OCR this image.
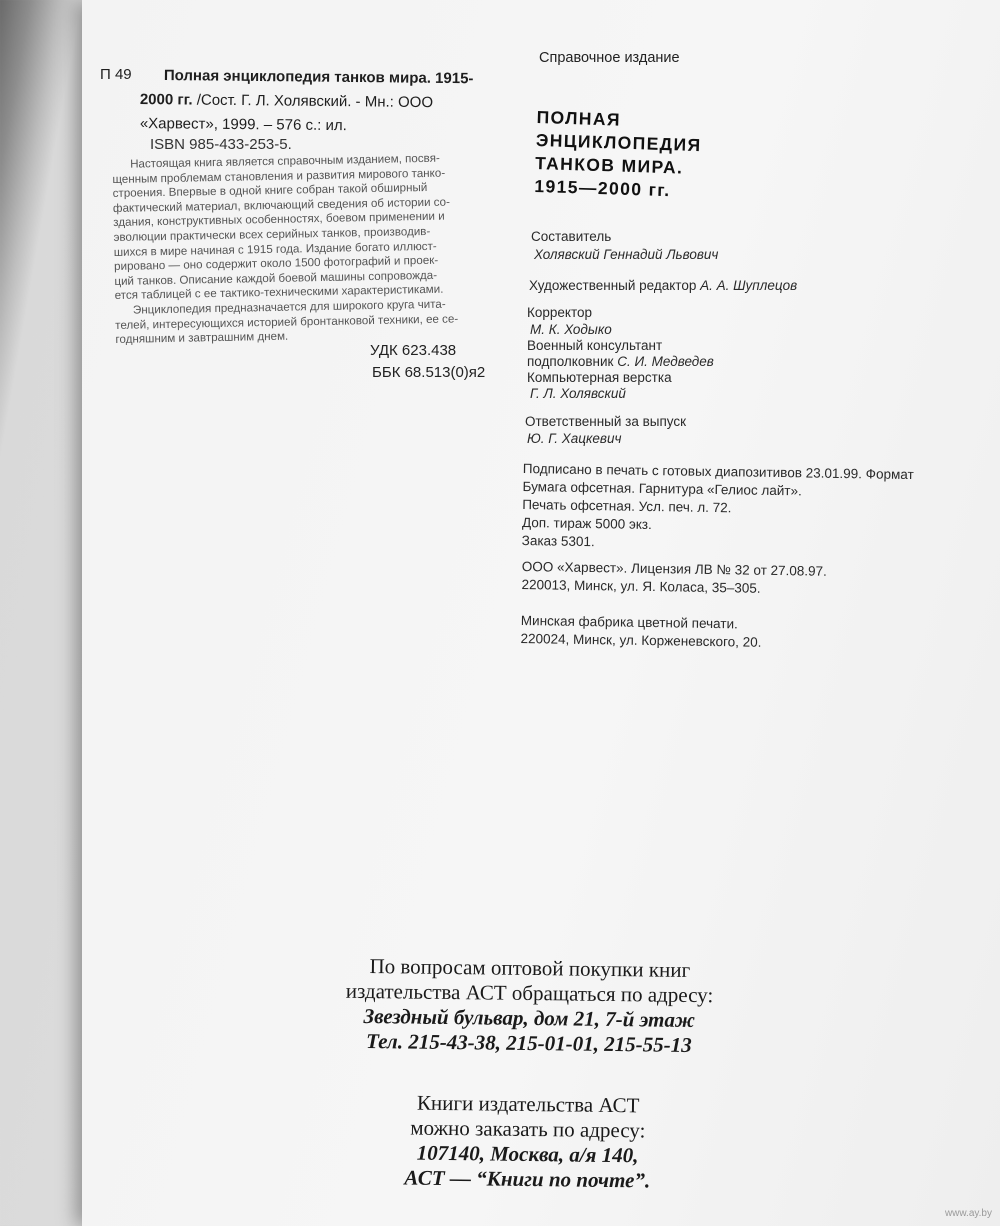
П 49 Полная энциклопедия танков мира. 1915-
2000 гг. /Сост. Г. Л. Холявский. - Мн.: ООО
«Харвест», 1999. – 576 с.: ил.
ISBN 985-433-253-5.
Настоящая книга является справочным изданием, посвя-
щенным проблемам становления и развития мирового танко-
строения. Впервые в одной книге собран такой обширный
фактический материал, включающий сведения об истории со-
здания, конструктивных особенностях, боевом применении и
эволюции практически всех серийных танков, производив-
шихся в мире начиная с 1915 года. Издание богато иллюст-
рировано — оно содержит около 1500 фотографий и проек-
ций танков. Описание каждой боевой машины сопровожда-
ется таблицей с ее тактико-техническими характеристиками.
Энциклопедия предназначается для широкого круга чита-
телей, интересующихся историей бронтанковой техники, ее се-
годняшним и завтрашним днем.
УДК 623.438
ББК 68.513(0)я2
Справочное издание
ПОЛНАЯ
ЭНЦИКЛОПЕДИЯ
ТАНКОВ МИРА.
1915—2000 гг.
Составитель
Холявский Геннадий Львович
Художественный редактор А. А. Шуплецов
Корректор
М. К. Ходыко
Военный консультант
подполковник С. И. Медведев
Компьютерная верстка
Г. Л. Холявский
Ответственный за выпуск
Ю. Г. Хацкевич
Подписано в печать с готовых диапозитивов 23.01.99. Формат
Бумага офсетная. Гарнитура «Гелиос лайт».
Печать офсетная. Усл. печ. л. 72.
Доп. тираж 5000 экз.
Заказ 5301.
ООО «Харвест». Лицензия ЛВ № 32 от 27.08.97.
220013, Минск, ул. Я. Коласа, 35–305.
Минская фабрика цветной печати.
220024, Минск, ул. Корженевского, 20.
По вопросам оптовой покупки книг
издательства АСТ обращаться по адресу:
Звездный бульвар, дом 21, 7-й этаж
Тел. 215-43-38, 215-01-01, 215-55-13
Книги издательства АСТ
можно заказать по адресу:
107140, Москва, а/я 140,
АСТ — “Книги по почте”.
www.ay.by
